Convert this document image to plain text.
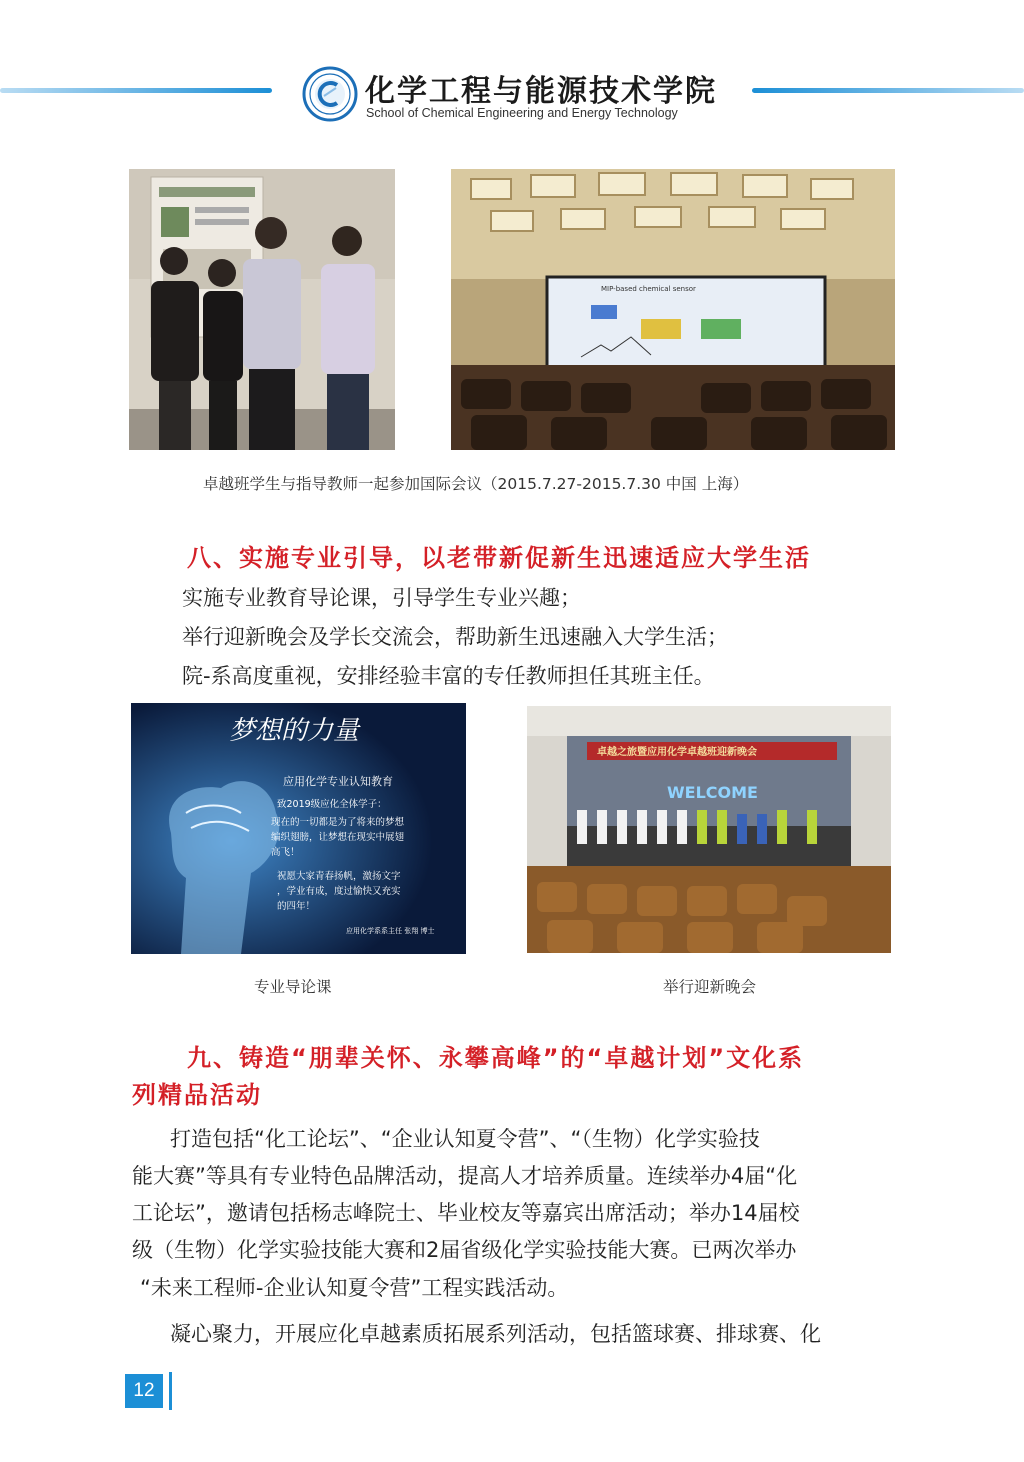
化学工程与能源技术学院
School of Chemical Engineering and Energy Technology
MIP-based chemical sensor
卓越班学生与指导教师一起参加国际会议（2015.7.27-2015.7.30 中国 上海）
八、实施专业引导，以老带新促新生迅速适应大学生活
实施专业教育导论课，引导学生专业兴趣；
举行迎新晚会及学长交流会，帮助新生迅速融入大学生活；
院-系高度重视，安排经验丰富的专任教师担任其班主任。
梦想的力量
应用化学专业认知教育
致2019级应化全体学子：
现在的一切都是为了将来的梦想
编织翅膀，让梦想在现实中展翅
高飞！
祝愿大家青春扬帆，激扬文字
，学业有成，度过愉快又充实
的四年！
应用化学系系主任 张翔 博士
卓越之旅暨应用化学卓越班迎新晚会
WELCOME
专业导论课	举行迎新晚会
九、铸造“朋辈关怀、永攀高峰”的“卓越计划”文化系
列精品活动
打造包括“化工论坛”、“企业认知夏令营”、“（生物）化学实验技
能大赛”等具有专业特色品牌活动，提高人才培养质量。连续举办4届“化
工论坛”，邀请包括杨志峰院士、毕业校友等嘉宾出席活动；举办14届校
级（生物）化学实验技能大赛和2届省级化学实验技能大赛。已两次举办
“未来工程师-企业认知夏令营”工程实践活动。
凝心聚力，开展应化卓越素质拓展系列活动，包括篮球赛、排球赛、化
12
